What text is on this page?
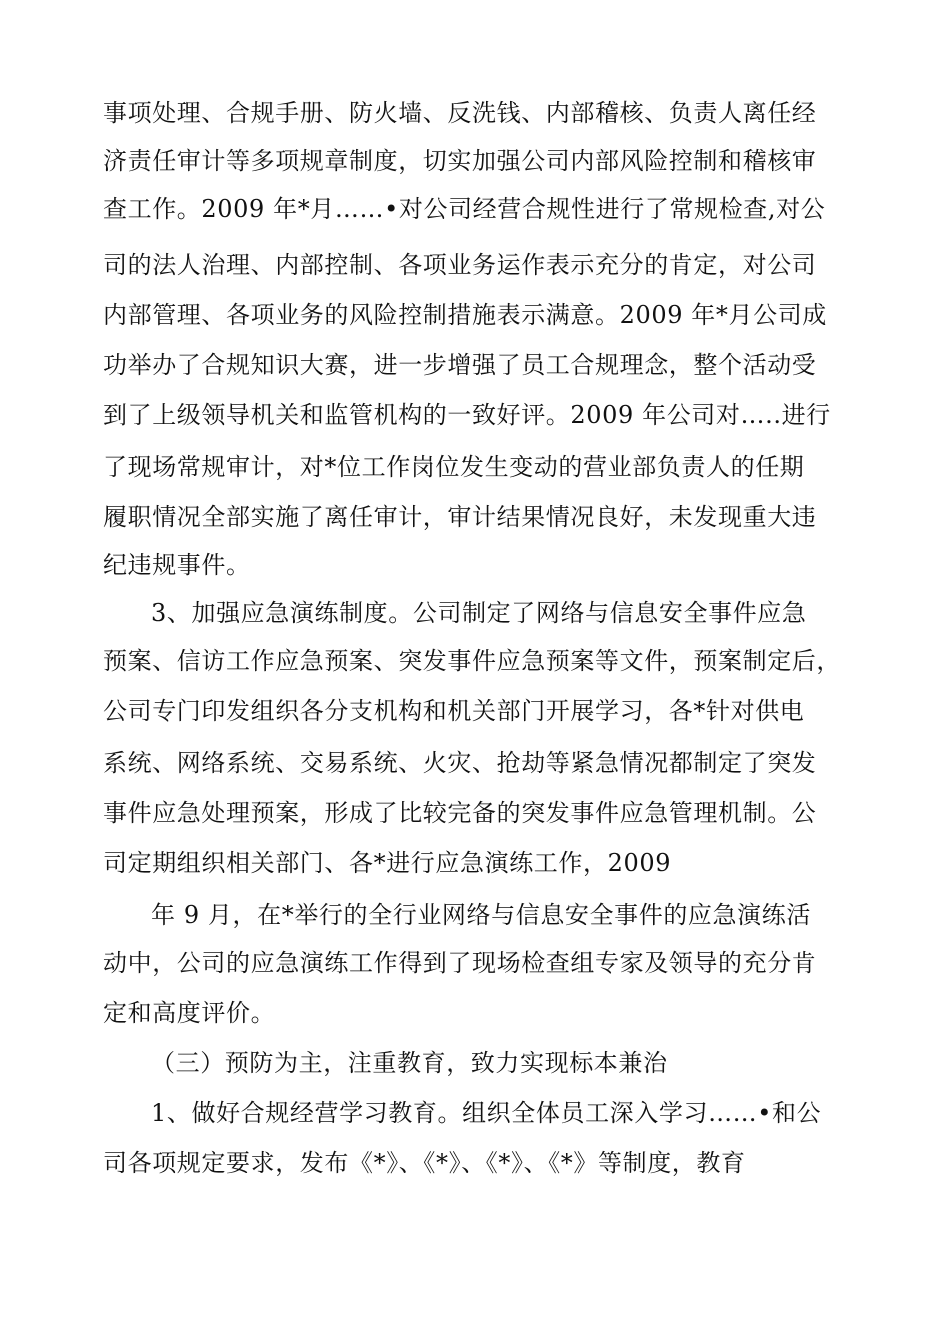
事项处理、合规手册、防火墙、反洗钱、内部稽核、负责人离任经
济责任审计等多项规章制度，切实加强公司内部风险控制和稽核审
查工作。2009 年*月……•对公司经营合规性进行了常规检查,对公
司的法人治理、内部控制、各项业务运作表示充分的肯定，对公司
内部管理、各项业务的风险控制措施表示满意。2009 年*月公司成
功举办了合规知识大赛，进一步增强了员工合规理念，整个活动受
到了上级领导机关和监管机构的一致好评。2009 年公司对…..进行
了现场常规审计，对*位工作岗位发生变动的营业部负责人的任期
履职情况全部实施了离任审计，审计结果情况良好，未发现重大违
纪违规事件。
3、加强应急演练制度。公司制定了网络与信息安全事件应急
预案、信访工作应急预案、突发事件应急预案等文件，预案制定后，
公司专门印发组织各分支机构和机关部门开展学习，各*针对供电
系统、网络系统、交易系统、火灾、抢劫等紧急情况都制定了突发
事件应急处理预案，形成了比较完备的突发事件应急管理机制。公
司定期组织相关部门、各*进行应急演练工作，2009
年 9 月，在*举行的全行业网络与信息安全事件的应急演练活
动中，公司的应急演练工作得到了现场检查组专家及领导的充分肯
定和高度评价。
（三）预防为主，注重教育，致力实现标本兼治
1、做好合规经营学习教育。组织全体员工深入学习……•和公
司各项规定要求，发布《*》、《*》、《*》、《*》等制度，教育
